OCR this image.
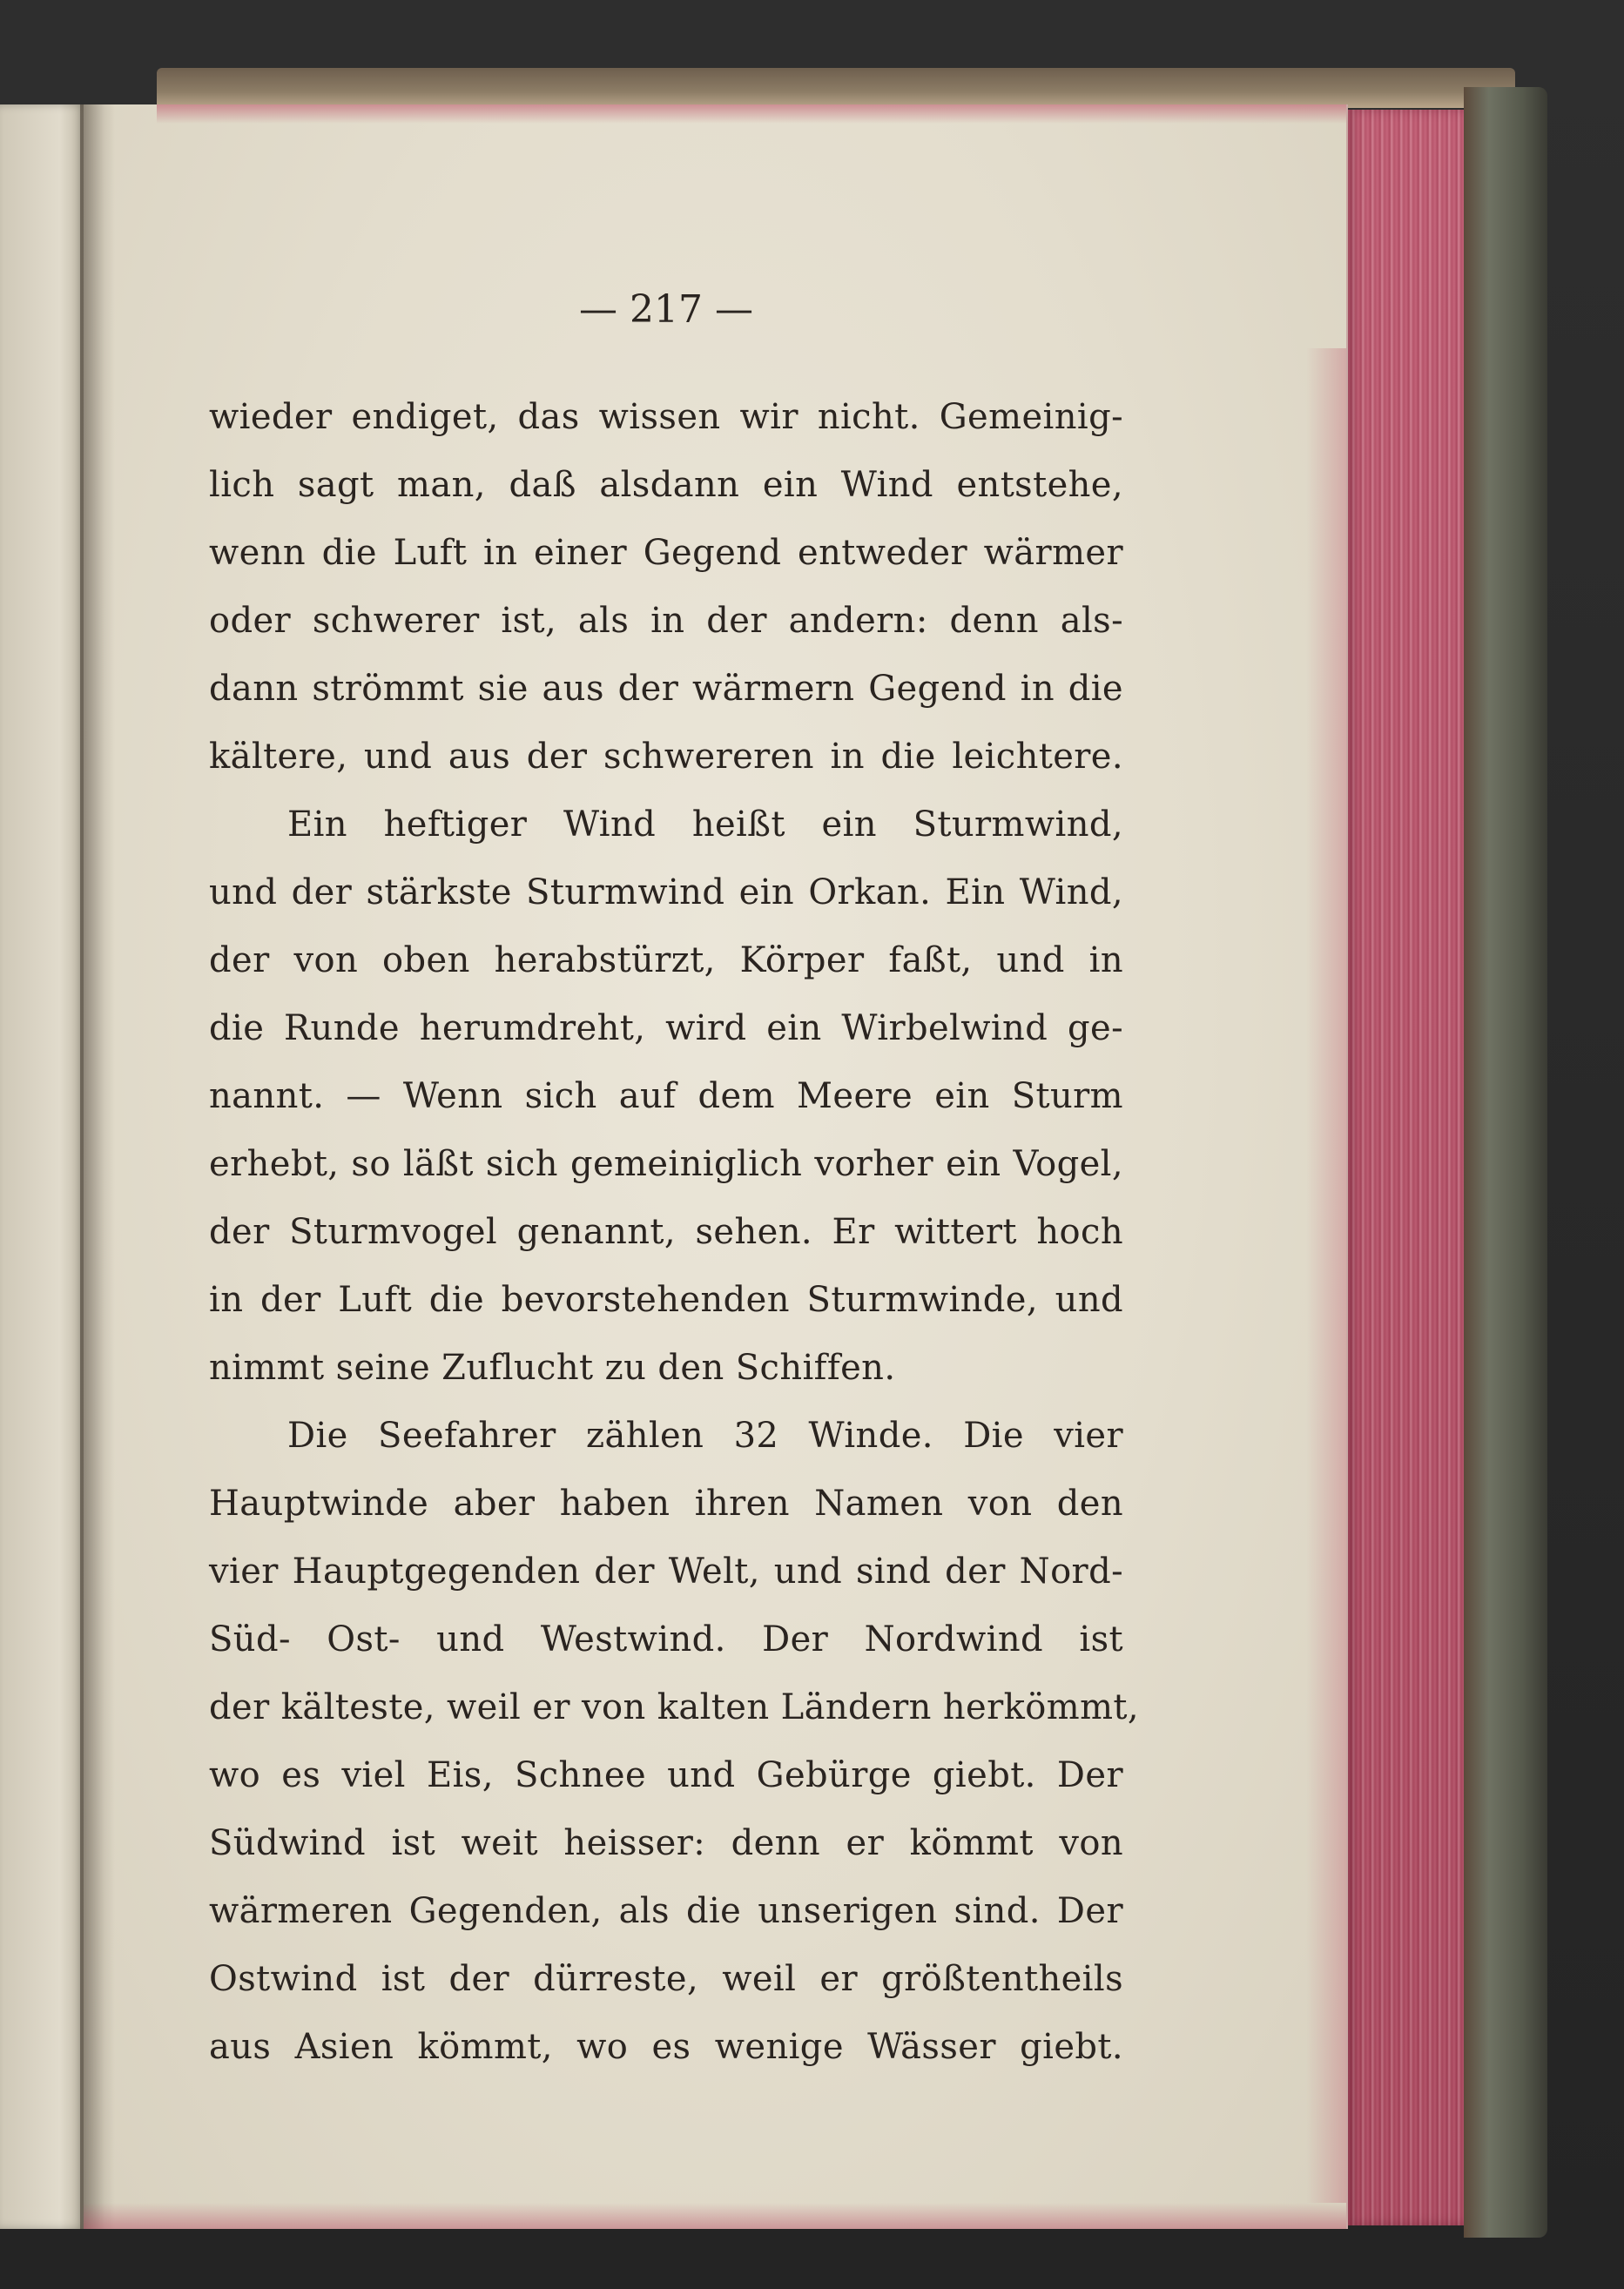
— 217 —
wieder endiget, das wissen wir nicht. Gemeinig-
lich sagt man, daß alsdann ein Wind entstehe,
wenn die Luft in einer Gegend entweder wärmer
oder schwerer ist, als in der andern: denn als-
dann strömmt sie aus der wärmern Gegend in die
kältere, und aus der schwereren in die leichtere.
Ein heftiger Wind heißt ein Sturmwind,
und der stärkste Sturmwind ein Orkan. Ein Wind,
der von oben herabstürzt, Körper faßt, und in
die Runde herumdreht, wird ein Wirbelwind ge-
nannt. — Wenn sich auf dem Meere ein Sturm
erhebt, so läßt sich gemeiniglich vorher ein Vogel,
der Sturmvogel genannt, sehen. Er wittert hoch
in der Luft die bevorstehenden Sturmwinde, und
nimmt seine Zuflucht zu den Schiffen.
Die Seefahrer zählen 32 Winde. Die vier
Hauptwinde aber haben ihren Namen von den
vier Hauptgegenden der Welt, und sind der Nord-
Süd- Ost- und Westwind. Der Nordwind ist
der kälteste, weil er von kalten Ländern herkömmt,
wo es viel Eis, Schnee und Gebürge giebt. Der
Südwind ist weit heisser: denn er kömmt von
wärmeren Gegenden, als die unserigen sind. Der
Ostwind ist der dürreste, weil er größtentheils
aus Asien kömmt, wo es wenige Wässer giebt.
